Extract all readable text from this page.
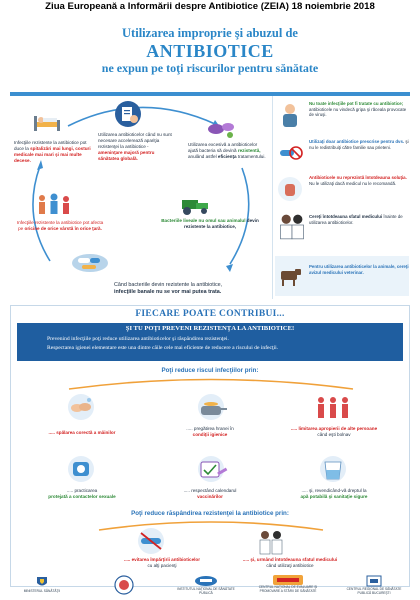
Ziua Europeană a Informării despre Antibiotice (ZEIA) 18 noiembrie 2018
Utilizarea improprie şi abuzul de
ANTIBIOTICE
ne expun pe toţi riscurilor pentru sănătate
Infecţiile rezistente la antibiotice pot duce la spitalizări mai lungi, costuri medicale mai mari şi mai multe decese.
Utilizarea antibioticelor când nu sunt necesare accelerează apariţia rezistenţei la antibiotice - ameninţare majoră pentru sănătatea globală.
Utilizarea excesivă a antibioticelor ajută bacteria să devină rezistentă, anulând astfel eficienţa tratamentului.
Infecţiile rezistente la antibiotice pot afecta pe oricine de orice vârstă în orice ţară.
Bacteriile liveale nu omul sau animalul devin rezistente la antibiotice,
Când bacteriile devin rezistente la antibiotice,
infecţiile banale nu se vor mai putea trata.
Nu toate infecţiile pot fi tratate cu antibiotice; antibioticele nu vindecă gripa şi răceala provocate de viruşi.
Utilizaţi doar antibiotice prescrise pentru dvs. şi nu le redistribuiţi către familie sau prieteni.
Antibioticele nu reprezintă întotdeauna soluţia. Nu le utilizaţi dacă medicul nu le recomandă.
Cereţi întotdeauna sfatul medicului înainte de utilizarea antibioticelor.
Pentru utilizarea antibioticelor la animale, cereţi avizul medicului veterinar.
FIECARE POATE CONTRIBUI...
ŞI TU POŢI PREVENI REZISTENŢA LA ANTIBIOTICE!
Prevenind infecţiile poţi reduce utilizarea antibioticelor şi răspândirea rezistenţei.
Respectarea igienei elementare este una dintre căile cele mai eficiente de reducere a riscului de infecţii.
Poţi reduce riscul infecţiilor prin:
..... spălarea corectă a mâinilor
..... pregătirea hranei în
condiţii igienice
..... limitarea apropierii de alte persoane
când eşti bolnav
..... practicarea
protejată a contactelor sexuale
..... respectând calendarul
vaccinărilor
..... şi, revendicând-vă dreptul la
apă potabilă şi sanitaţie sigure
Poţi reduce răspândirea rezistenţei la antibiotice prin:
..... evitarea împărţirii antibioticelor
cu alţi pacienţi
..... şi, urmând întotdeauna sfatul medicului
când utilizaţi antibiotice
MINISTERUL SĂNĂTĂŢII	INSTITUTUL NAŢIONAL DE SĂNĂTATE PUBLICĂ
CENTRUL NAŢIONAL DE EVALUARE ŞI PROMOVARE A STĂRII DE SĂNĂTATE	CENTRUL REGIONAL DE SĂNĂTATE PUBLICĂ BUCUREŞTI
